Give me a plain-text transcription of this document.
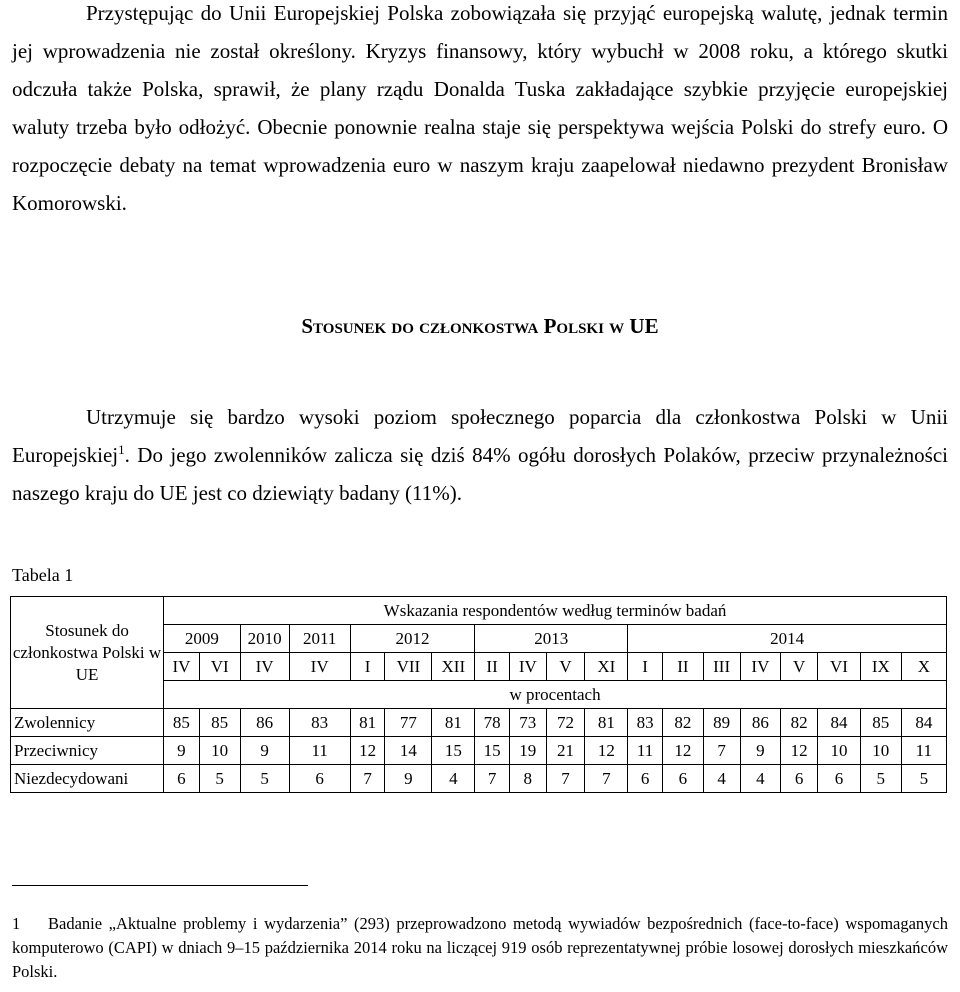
Przystępując do Unii Europejskiej Polska zobowiązała się przyjąć europejską walutę, jednak termin jej wprowadzenia nie został określony. Kryzys finansowy, który wybuchł w 2008 roku, a którego skutki odczuła także Polska, sprawił, że plany rządu Donalda Tuska zakładające szybkie przyjęcie europejskiej waluty trzeba było odłożyć. Obecnie ponownie realna staje się perspektywa wejścia Polski do strefy euro. O rozpoczęcie debaty na temat wprowadzenia euro w naszym kraju zaapelował niedawno prezydent Bronisław Komorowski.

Stosunek do członkostwa Polski w UE

Utrzymuje się bardzo wysoki poziom społecznego poparcia dla członkostwa Polski w Unii Europejskiej$^1$. Do jego zwolenników zalicza się dziś 84% ogółu dorosłych Polaków, przeciw przynależności naszego kraju do UE jest co dziewiąty badany (11%).

Tabela 1

Stosunek do członkostwa Polski w UE	Wskazania respondentów według terminów badań																		
	2009		2010	2011	2012			2013				2014							
	IV	VI	IV	IV	I	VII	XII	II	IV	V	XI	I	II	III	IV	V	VI	IX	X
	w procentach																		
Zwolennicy	85	85	86	83	81	77	81	78	73	72	81	83	82	89	86	82	84	85	84
Przeciwnicy	9	10	9	11	12	14	15	15	19	21	12	11	12	7	9	12	10	10	11
Niezdecydowani	6	5	5	6	7	9	4	7	8	7	7	6	6	4	4	6	6	5	5

1 Badanie „Aktualne problemy i wydarzenia” (293) przeprowadzono metodą wywiadów bezpośrednich (face-to-face) wspomaganych komputerowo (CAPI) w dniach 9–15 października 2014 roku na liczącej 919 osób reprezentatywnej próbie losowej dorosłych mieszkańców Polski.
